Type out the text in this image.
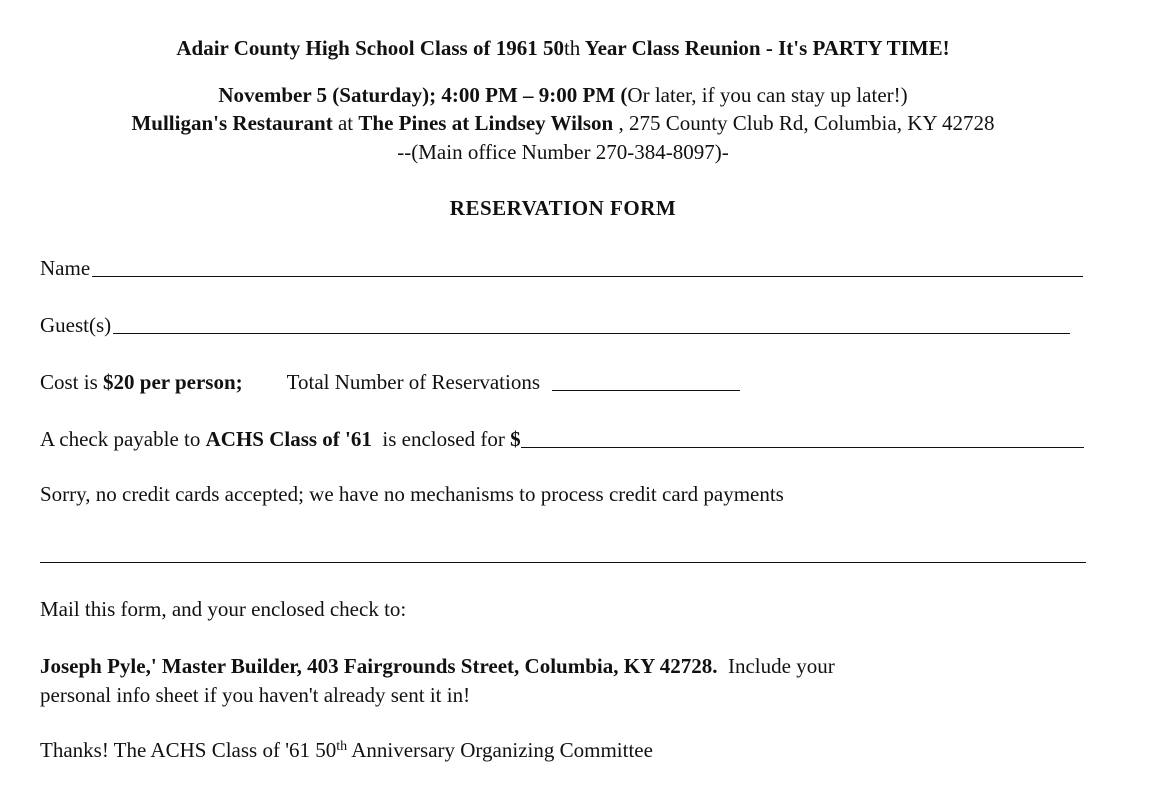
Adair County High School Class of 1961 50th Year Class Reunion - It's PARTY TIME!
November 5 (Saturday); 4:00 PM – 9:00 PM (Or later, if you can stay up later!)
Mulligan's Restaurant at The Pines at Lindsey Wilson , 275 County Club Rd, Columbia, KY 42728
--(Main office Number 270-384-8097)-
RESERVATION FORM
Name
Guest(s)
Cost is
$20 per person; Total Number of Reservations
A check payable to
ACHS Class of '61 is enclosed for $
Sorry, no credit cards accepted; we have no mechanisms to process credit card payments
Mail this form, and your enclosed check to:
Joseph Pyle,' Master Builder, 403 Fairgrounds Street, Columbia, KY 42728.  Include your
personal info sheet if you haven't already sent it in!
Thanks! The ACHS Class of '61 50th Anniversary Organizing Committee
